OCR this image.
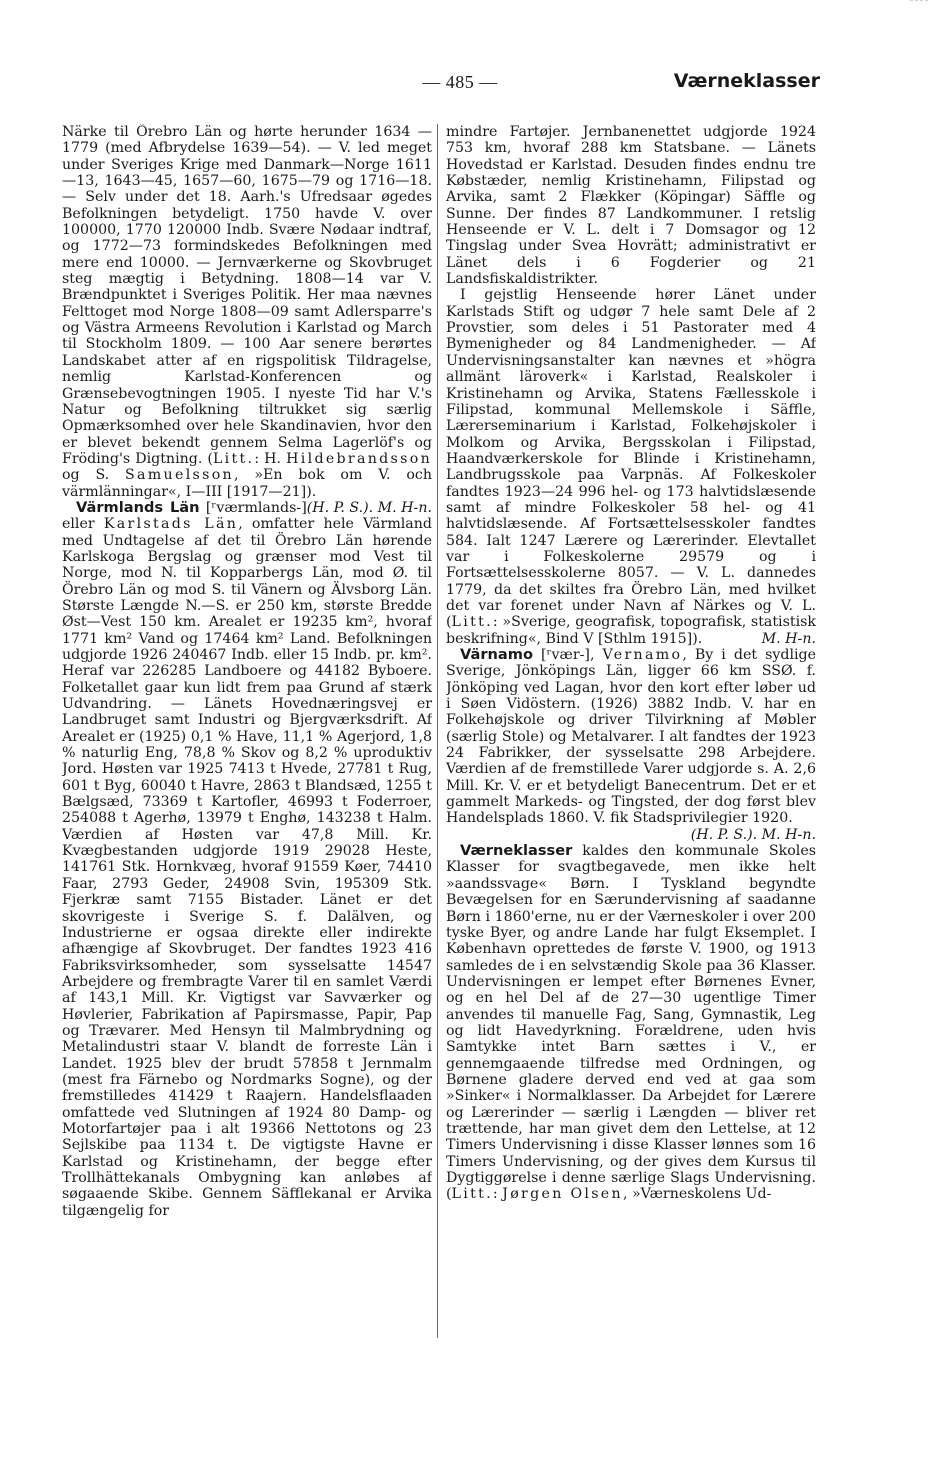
— 485 —	Værneklasser

Närke til Örebro Län og hørte herunder 1634 —1779 (med Afbrydelse 1639—54). — V. led meget under Sveriges Krige med Danmark—Norge 1611—13, 1643—45, 1657—60, 1675—79 og 1716—18. — Selv under det 18. Aarh.'s Ufredsaar øgedes Befolkningen betydeligt. 1750 havde V. over 100000, 1770 120000 Indb. Svære Nødaar indtraf, og 1772—73 formindskedes Befolkningen med mere end 10000. — Jernværkerne og Skovbruget steg mægtig i Betydning. 1808—14 var V. Brændpunktet i Sveriges Politik. Her maa nævnes Felttoget mod Norge 1808—09 samt Adlersparre's og Västra Armeens Revolution i Karlstad og March til Stockholm 1809. — 100 Aar senere berørtes Landskabet atter af en rigspolitisk Tildragelse, nemlig Karlstad-Konferencen og Grænsebevogtningen 1905. I nyeste Tid har V.'s Natur og Befolkning tiltrukket sig særlig Opmærksomhed over hele Skandinavien, hvor den er blevet bekendt gennem Selma Lagerlöf's og Fröding's Digtning. (Litt.: H. Hildebrandsson og S. Samuelsson, »En bok om V. och värmlänningar«, I—III [1917—21]).
(H. P. S.). M. H-n.

Värmlands Län [ʳværmlands-] eller Karlstads Län, omfatter hele Värmland med Undtagelse af det til Örebro Län hørende Karlskoga Bergslag og grænser mod Vest til Norge, mod N. til Kopparbergs Län, mod Ø. til Örebro Län og mod S. til Vänern og Älvsborg Län. Største Længde N.—S. er 250 km, største Bredde Øst—Vest 150 km. Arealet er 19235 km², hvoraf 1771 km² Vand og 17464 km² Land. Befolkningen udgjorde 1926 240467 Indb. eller 15 Indb. pr. km². Heraf var 226285 Landboere og 44182 Byboere. Folketallet gaar kun lidt frem paa Grund af stærk Udvandring. — Länets Hovednæringsvej er Landbruget samt Industri og Bjergværksdrift. Af Arealet er (1925) 0,1 % Have, 11,1 % Agerjord, 1,8 % naturlig Eng, 78,8 % Skov og 8,2 % uproduktiv Jord. Høsten var 1925 7413 t Hvede, 27781 t Rug, 601 t Byg, 60040 t Havre, 2863 t Blandsæd, 1255 t Bælgsæd, 73369 t Kartofler, 46993 t Foderroer, 254088 t Agerhø, 13979 t Enghø, 143238 t Halm. Værdien af Høsten var 47,8 Mill. Kr. Kvægbestanden udgjorde 1919 29028 Heste, 141761 Stk. Hornkvæg, hvoraf 91559 Køer, 74410 Faar, 2793 Geder, 24908 Svin, 195309 Stk. Fjerkræ samt 7155 Bistader. Länet er det skovrigeste i Sverige S. f. Dalälven, og Industrierne er ogsaa direkte eller indirekte afhængige af Skovbruget. Der fandtes 1923 416 Fabriksvirksomheder, som sysselsatte 14547 Arbejdere og frembragte Varer til en samlet Værdi af 143,1 Mill. Kr. Vigtigst var Savværker og Høvlerier, Fabrikation af Papirsmasse, Papir, Pap og Trævarer. Med Hensyn til Malmbrydning og Metalindustri staar V. blandt de forreste Län i Landet. 1925 blev der brudt 57858 t Jernmalm (mest fra Färnebo og Nordmarks Sogne), og der fremstilledes 41429 t Raajern. Handelsflaaden omfattede ved Slutningen af 1924 80 Damp- og Motorfartøjer paa i alt 19366 Nettotons og 23 Sejlskibe paa 1134 t. De vigtigste Havne er Karlstad og Kristinehamn, der begge efter Trollhättekanals Ombygning kan anløbes af søgaaende Skibe. Gennem Säfflekanal er Arvika tilgængelig for

mindre Fartøjer. Jernbanenettet udgjorde 1924 753 km, hvoraf 288 km Statsbane. — Länets Hovedstad er Karlstad. Desuden findes endnu tre Købstæder, nemlig Kristinehamn, Filipstad og Arvika, samt 2 Flækker (Köpingar) Säffle og Sunne. Der findes 87 Landkommuner. I retslig Henseende er V. L. delt i 7 Domsagor og 12 Tingslag under Svea Hovrätt; administrativt er Länet dels i 6 Fogderier og 21 Landsfiskaldistrikter.

I gejstlig Henseende hører Länet under Karlstads Stift og udgør 7 hele samt Dele af 2 Provstier, som deles i 51 Pastorater med 4 Bymenigheder og 84 Landmenigheder. — Af Undervisningsanstalter kan nævnes et »högra allmänt läroverk« i Karlstad, Realskoler i Kristinehamn og Arvika, Statens Fællesskole i Filipstad, kommunal Mellemskole i Säffle, Lærerseminarium i Karlstad, Folkehøjskoler i Molkom og Arvika, Bergsskolan i Filipstad, Haandværkerskole for Blinde i Kristinehamn, Landbrugsskole paa Varpnäs. Af Folkeskoler fandtes 1923—24 996 hel- og 173 halvtidslæsende samt af mindre Folkeskoler 58 hel- og 41 halvtidslæsende. Af Fortsættelsesskoler fandtes 584. Ialt 1247 Lærere og Lærerinder. Elevtallet var i Folkeskolerne 29579 og i Fortsættelsesskolerne 8057. — V. L. dannedes 1779, da det skiltes fra Örebro Län, med hvilket det var forenet under Navn af Närkes og V. L. (Litt.: »Sverige, geografisk, topografisk, statistisk beskrifning«, Bind V [Sthlm 1915]).	M. H-n.

Värnamo [ʳvær-], Vernamo, By i det sydlige Sverige, Jönköpings Län, ligger 66 km SSØ. f. Jönköping ved Lagan, hvor den kort efter løber ud i Søen Vidöstern. (1926) 3882 Indb. V. har en Folkehøjskole og driver Tilvirkning af Møbler (særlig Stole) og Metalvarer. I alt fandtes der 1923 24 Fabrikker, der sysselsatte 298 Arbejdere. Værdien af de fremstillede Varer udgjorde s. A. 2,6 Mill. Kr. V. er et betydeligt Banecentrum. Det er et gammelt Markeds- og Tingsted, der dog først blev Handelsplads 1860. V. fik Stadsprivilegier 1920.

(H. P. S.). M. H-n.

Værneklasser kaldes den kommunale Skoles Klasser for svagtbegavede, men ikke helt »aandssvage« Børn. I Tyskland begyndte Bevægelsen for en Særundervisning af saadanne Børn i 1860'erne, nu er der Værneskoler i over 200 tyske Byer, og andre Lande har fulgt Eksemplet. I København oprettedes de første V. 1900, og 1913 samledes de i en selvstændig Skole paa 36 Klasser. Undervisningen er lempet efter Børnenes Evner, og en hel Del af de 27—30 ugentlige Timer anvendes til manuelle Fag, Sang, Gymnastik, Leg og lidt Havedyrkning. Forældrene, uden hvis Samtykke intet Barn sættes i V., er gennemgaaende tilfredse med Ordningen, og Børnene gladere derved end ved at gaa som »Sinker« i Normalklasser. Da Arbejdet for Lærere og Lærerinder — særlig i Længden — bliver ret trættende, har man givet dem den Lettelse, at 12 Timers Undervisning i disse Klasser lønnes som 16 Timers Undervisning, og der gives dem Kursus til Dygtiggørelse i denne særlige Slags Undervisning. (Litt.: Jørgen Olsen, »Værneskolens Ud-
